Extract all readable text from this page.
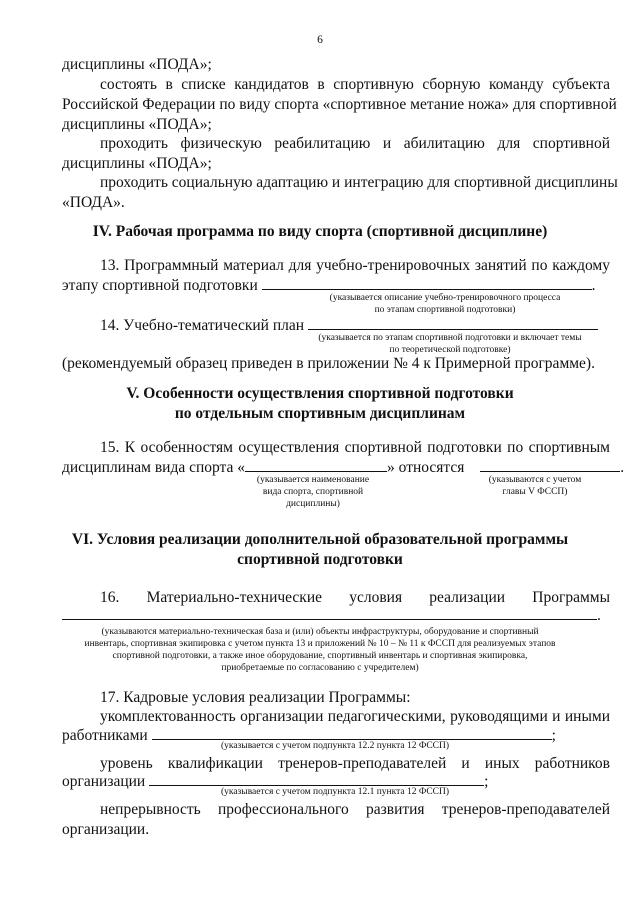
6
дисциплины «ПОДА»;
состоять в списке кандидатов в спортивную сборную команду субъекта
Российской Федерации по виду спорта «спортивное метание ножа» для спортивной
дисциплины «ПОДА»;
проходить физическую реабилитацию и абилитацию для спортивной
дисциплины «ПОДА»;
проходить социальную адаптацию и интеграцию для спортивной дисциплины
«ПОДА».
IV. Рабочая программа по виду спорта (спортивной дисциплине)
13. Программный материал для учебно-тренировочных занятий по каждому
этапу спортивной подготовки	.
(указывается описание учебно-тренировочного процесса
по этапам спортивной подготовки)
14. Учебно-тематический план
(указывается по этапам спортивной подготовки и включает темы
по теоретической подготовке)
(рекомендуемый образец приведен в приложении № 4 к Примерной программе).
V. Особенности осуществления спортивной подготовки
по отдельным спортивным дисциплинам
15. К особенностям осуществления спортивной подготовки по спортивным
дисциплинам вида спорта «	» относятся	.
(указывается наименование
вида спорта, спортивной
дисциплины)
(указываются с учетом
главы V ФССП)
VI. Условия реализации дополнительной образовательной программы
спортивной подготовки
16. Материально-технические условия реализации Программы
.
(указываются материально-техническая база и (или) объекты инфраструктуры, оборудование и спортивный
инвентарь, спортивная экипировка с учетом пункта 13 и приложений № 10 – № 11 к ФССП для реализуемых этапов
спортивной подготовки, а также иное оборудование, спортивный инвентарь и спортивная экипировка,
приобретаемые по согласованию с учредителем)
17. Кадровые условия реализации Программы:
укомплектованность организации педагогическими, руководящими и иными
работниками	;
(указывается с учетом подпункта 12.2 пункта 12 ФССП)
уровень квалификации тренеров-преподавателей и иных работников
организации	;
(указывается с учетом подпункта 12.1 пункта 12 ФССП)
непрерывность профессионального развития тренеров-преподавателей
организации.
